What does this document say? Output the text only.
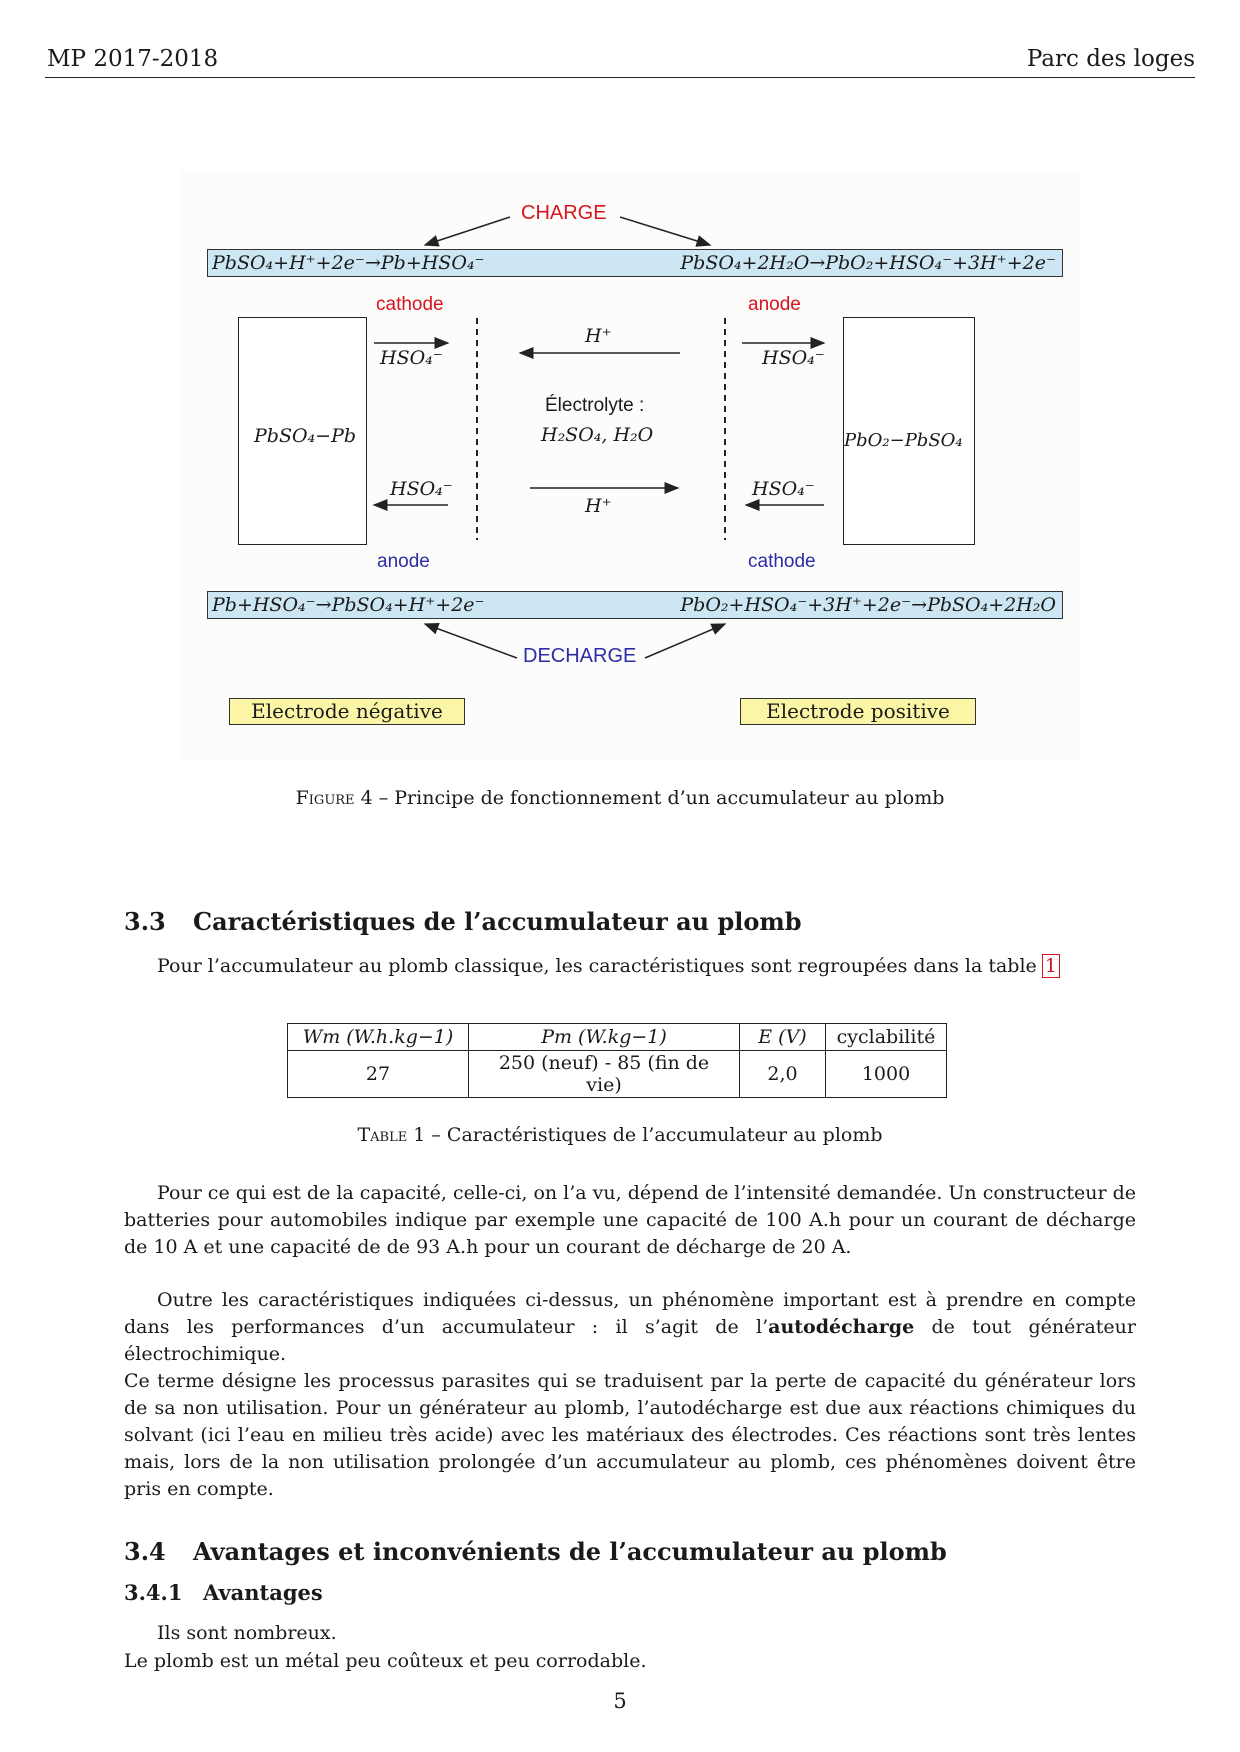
MP 2017-2018	Parc des loges
CHARGE
PbSO₄+H⁺+2e⁻→Pb+HSO₄⁻	PbSO₄+2H₂O→PbO₂+HSO₄⁻+3H⁺+2e⁻
cathode	anode
PbSO₄−Pb	PbO₂−PbSO₄
HSO₄⁻	HSO₄⁻
HSO₄⁻	HSO₄⁻
H⁺
H⁺
Électrolyte :
H₂SO₄, H₂O
anode	cathode
Pb+HSO₄⁻→PbSO₄+H⁺+2e⁻	PbO₂+HSO₄⁻+3H⁺+2e⁻→PbSO₄+2H₂O
DECHARGE
Electrode négative	Electrode positive
Figure 4 – Principe de fonctionnement d’un accumulateur au plomb
3.3 Caractéristiques de l’accumulateur au plomb
Pour l’accumulateur au plomb classique, les caractéristiques sont regroupées dans la table 1
Wm (W.h.kg−1)	Pm (W.kg−1)	E (V)	cyclabilité
27	250 (neuf) - 85 (fin de vie)	2,0	1000
Table 1 – Caractéristiques de l’accumulateur au plomb
Pour ce qui est de la capacité, celle-ci, on l’a vu, dépend de l’intensité demandée. Un constructeur de batteries pour automobiles indique par exemple une capacité de 100 A.h pour un courant de décharge de 10 A et une capacité de de 93 A.h pour un courant de décharge de 20 A.
Outre les caractéristiques indiquées ci-dessus, un phénomène important est à prendre en compte dans les performances d’un accumulateur : il s’agit de l’autodécharge de tout générateur électrochimique.
Ce terme désigne les processus parasites qui se traduisent par la perte de capacité du générateur lors de sa non utilisation. Pour un générateur au plomb, l’autodécharge est due aux réactions chimiques du solvant (ici l’eau en milieu très acide) avec les matériaux des électrodes. Ces réactions sont très lentes mais, lors de la non utilisation prolongée d’un accumulateur au plomb, ces phénomènes doivent être pris en compte.
3.4 Avantages et inconvénients de l’accumulateur au plomb
3.4.1 Avantages
Ils sont nombreux.
Le plomb est un métal peu coûteux et peu corrodable.
5
